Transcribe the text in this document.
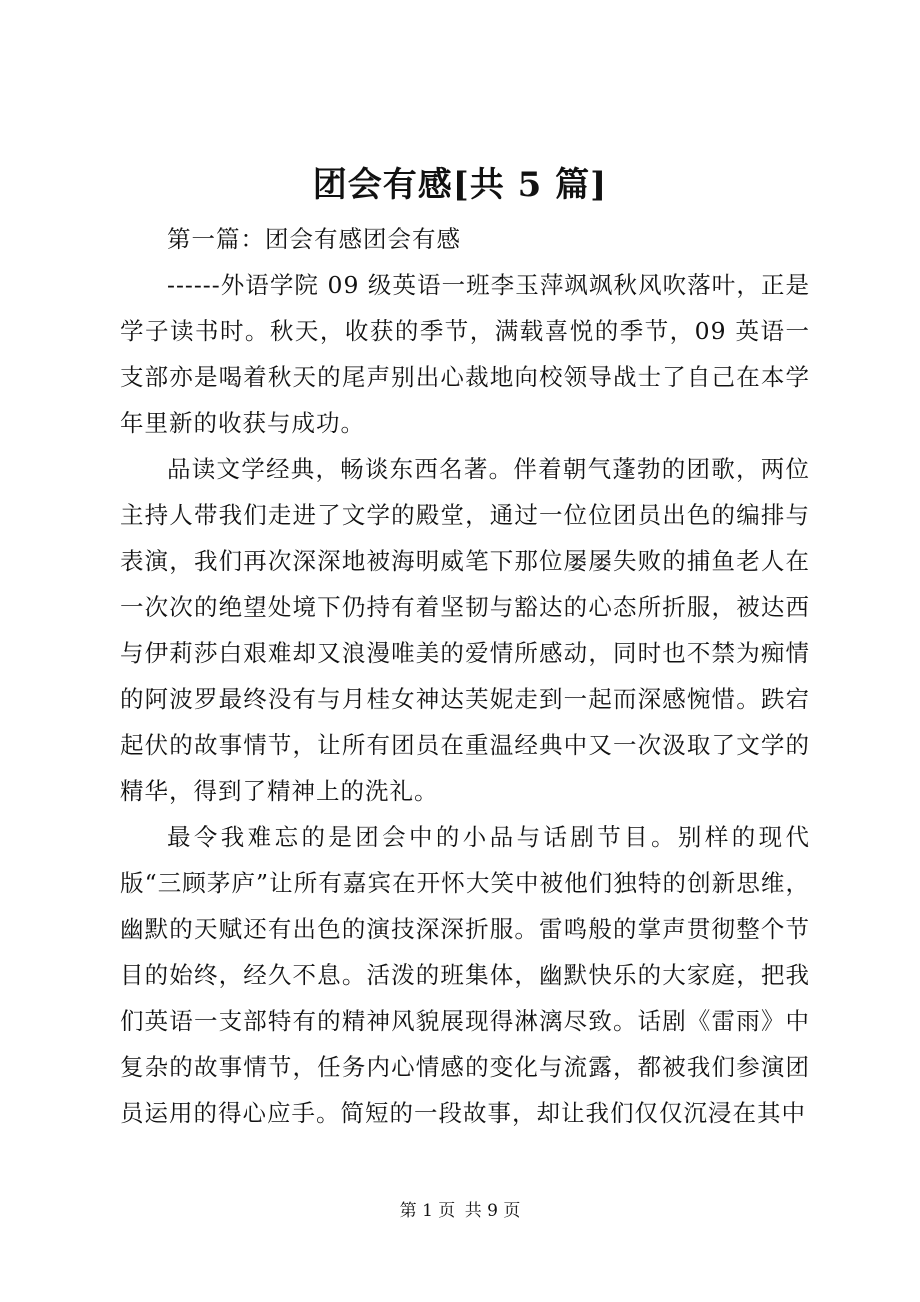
团会有感[共 5 篇]

第一篇：团会有感团会有感

------外语学院 09 级英语一班李玉萍飒飒秋风吹落叶，正是学子读书时。秋天，收获的季节，满载喜悦的季节，09 英语一支部亦是喝着秋天的尾声别出心裁地向校领导战士了自己在本学年里新的收获与成功。

品读文学经典，畅谈东西名著。伴着朝气蓬勃的团歌，两位主持人带我们走进了文学的殿堂，通过一位位团员出色的编排与表演，我们再次深深地被海明威笔下那位屡屡失败的捕鱼老人在一次次的绝望处境下仍持有着坚韧与豁达的心态所折服，被达西与伊莉莎白艰难却又浪漫唯美的爱情所感动，同时也不禁为痴情的阿波罗最终没有与月桂女神达芙妮走到一起而深感惋惜。跌宕起伏的故事情节，让所有团员在重温经典中又一次汲取了文学的精华，得到了精神上的洗礼。

最令我难忘的是团会中的小品与话剧节目。别样的现代版“三顾茅庐”让所有嘉宾在开怀大笑中被他们独特的创新思维，幽默的天赋还有出色的演技深深折服。雷鸣般的掌声贯彻整个节目的始终，经久不息。活泼的班集体，幽默快乐的大家庭，把我们英语一支部特有的精神风貌展现得淋漓尽致。话剧《雷雨》中复杂的故事情节，任务内心情感的变化与流露，都被我们参演团员运用的得心应手。简短的一段故事，却让我们仅仅沉浸在其中

第 1 页 共 9 页
